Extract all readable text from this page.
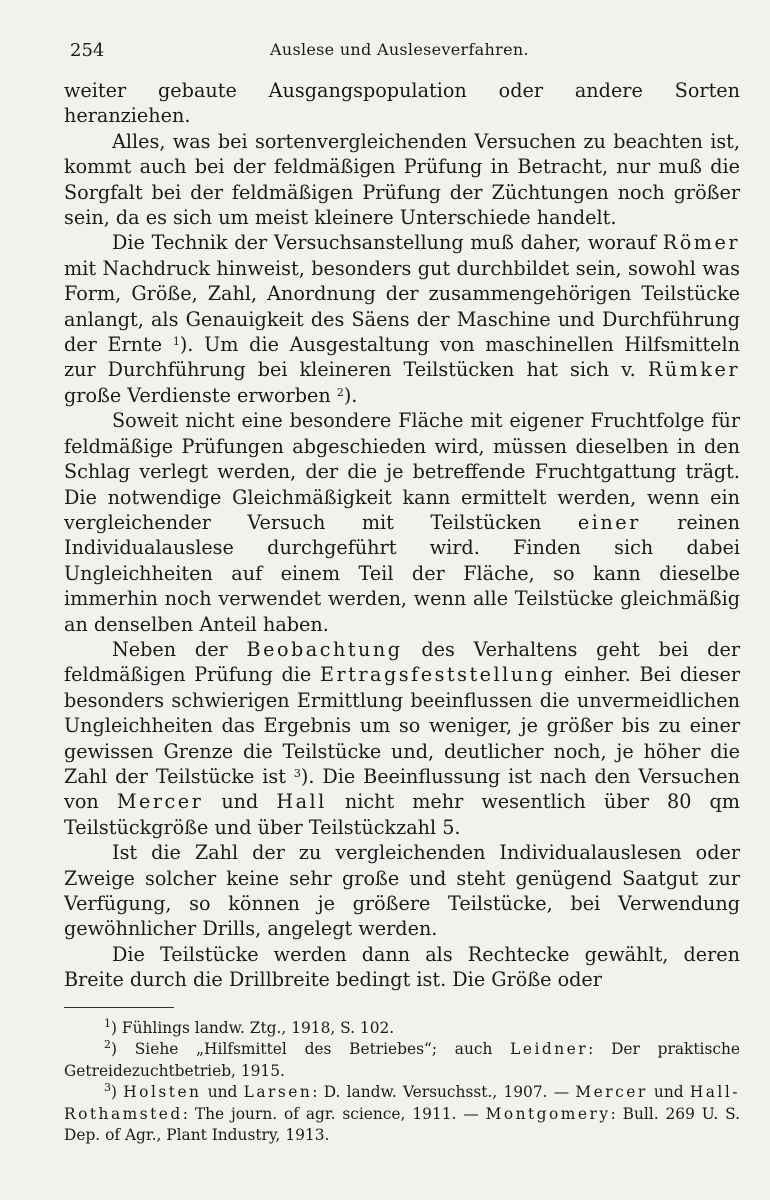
254	Auslese und Ausleseverfahren.

weiter gebaute Ausgangspopulation oder andere Sorten heranziehen.

Alles, was bei sortenvergleichenden Versuchen zu beachten ist, kommt auch bei der feldmäßigen Prüfung in Betracht, nur muß die Sorgfalt bei der feldmäßigen Prüfung der Züchtungen noch größer sein, da es sich um meist kleinere Unterschiede handelt.

Die Technik der Versuchsanstellung muß daher, worauf Römer mit Nachdruck hinweist, besonders gut durchbildet sein, sowohl was Form, Größe, Zahl, Anordnung der zusammengehörigen Teilstücke anlangt, als Genauigkeit des Säens der Maschine und Durchführung der Ernte $^1$). Um die Ausgestaltung von maschinellen Hilfsmitteln zur Durchführung bei kleineren Teilstücken hat sich v. Rümker große Verdienste erworben $^2$).

Soweit nicht eine besondere Fläche mit eigener Fruchtfolge für feldmäßige Prüfungen abgeschieden wird, müssen dieselben in den Schlag verlegt werden, der die je betreffende Fruchtgattung trägt. Die notwendige Gleichmäßigkeit kann ermittelt werden, wenn ein vergleichender Versuch mit Teilstücken einer reinen Individualauslese durchgeführt wird. Finden sich dabei Ungleichheiten auf einem Teil der Fläche, so kann dieselbe immerhin noch verwendet werden, wenn alle Teilstücke gleichmäßig an denselben Anteil haben.

Neben der Beobachtung des Verhaltens geht bei der feldmäßigen Prüfung die Ertragsfeststellung einher. Bei dieser besonders schwierigen Ermittlung beeinflussen die unvermeidlichen Ungleichheiten das Ergebnis um so weniger, je größer bis zu einer gewissen Grenze die Teilstücke und, deutlicher noch, je höher die Zahl der Teilstücke ist $^3$). Die Beeinflussung ist nach den Versuchen von Mercer und Hall nicht mehr wesentlich über 80 qm Teilstückgröße und über Teilstückzahl 5.

Ist die Zahl der zu vergleichenden Individualauslesen oder Zweige solcher keine sehr große und steht genügend Saatgut zur Verfügung, so können je größere Teilstücke, bei Verwendung gewöhnlicher Drills, angelegt werden.

Die Teilstücke werden dann als Rechtecke gewählt, deren Breite durch die Drillbreite bedingt ist. Die Größe oder

$^1$) Fühlings landw. Ztg., 1918, S. 102.

$^2$) Siehe „Hilfsmittel des Betriebes“; auch Leidner: Der praktische Getreidezuchtbetrieb, 1915.

$^3$) Holsten und Larsen: D. landw. Versuchsst., 1907. — Mercer und Hall-Rothamsted: The journ. of agr. science, 1911. — Montgomery: Bull. 269 U. S. Dep. of Agr., Plant Industry, 1913.
